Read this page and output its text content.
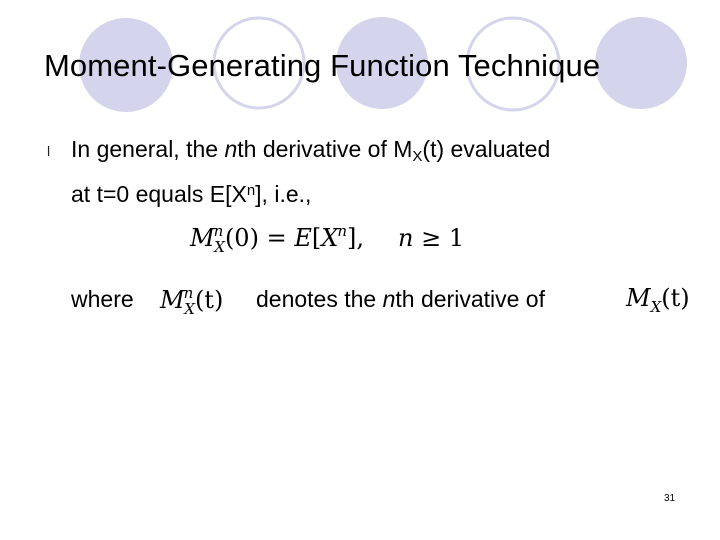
Moment-Generating Function Technique
l In general, the nth derivative of $M_X(t)$ evaluated
at t=0 equals $E[X^n]$, i.e.,
$M^n_X(0) = E[X^n]$, n ≥ 1
where $M^n_X(t)$ denotes the nth derivative of	$M_X(t)$
31
